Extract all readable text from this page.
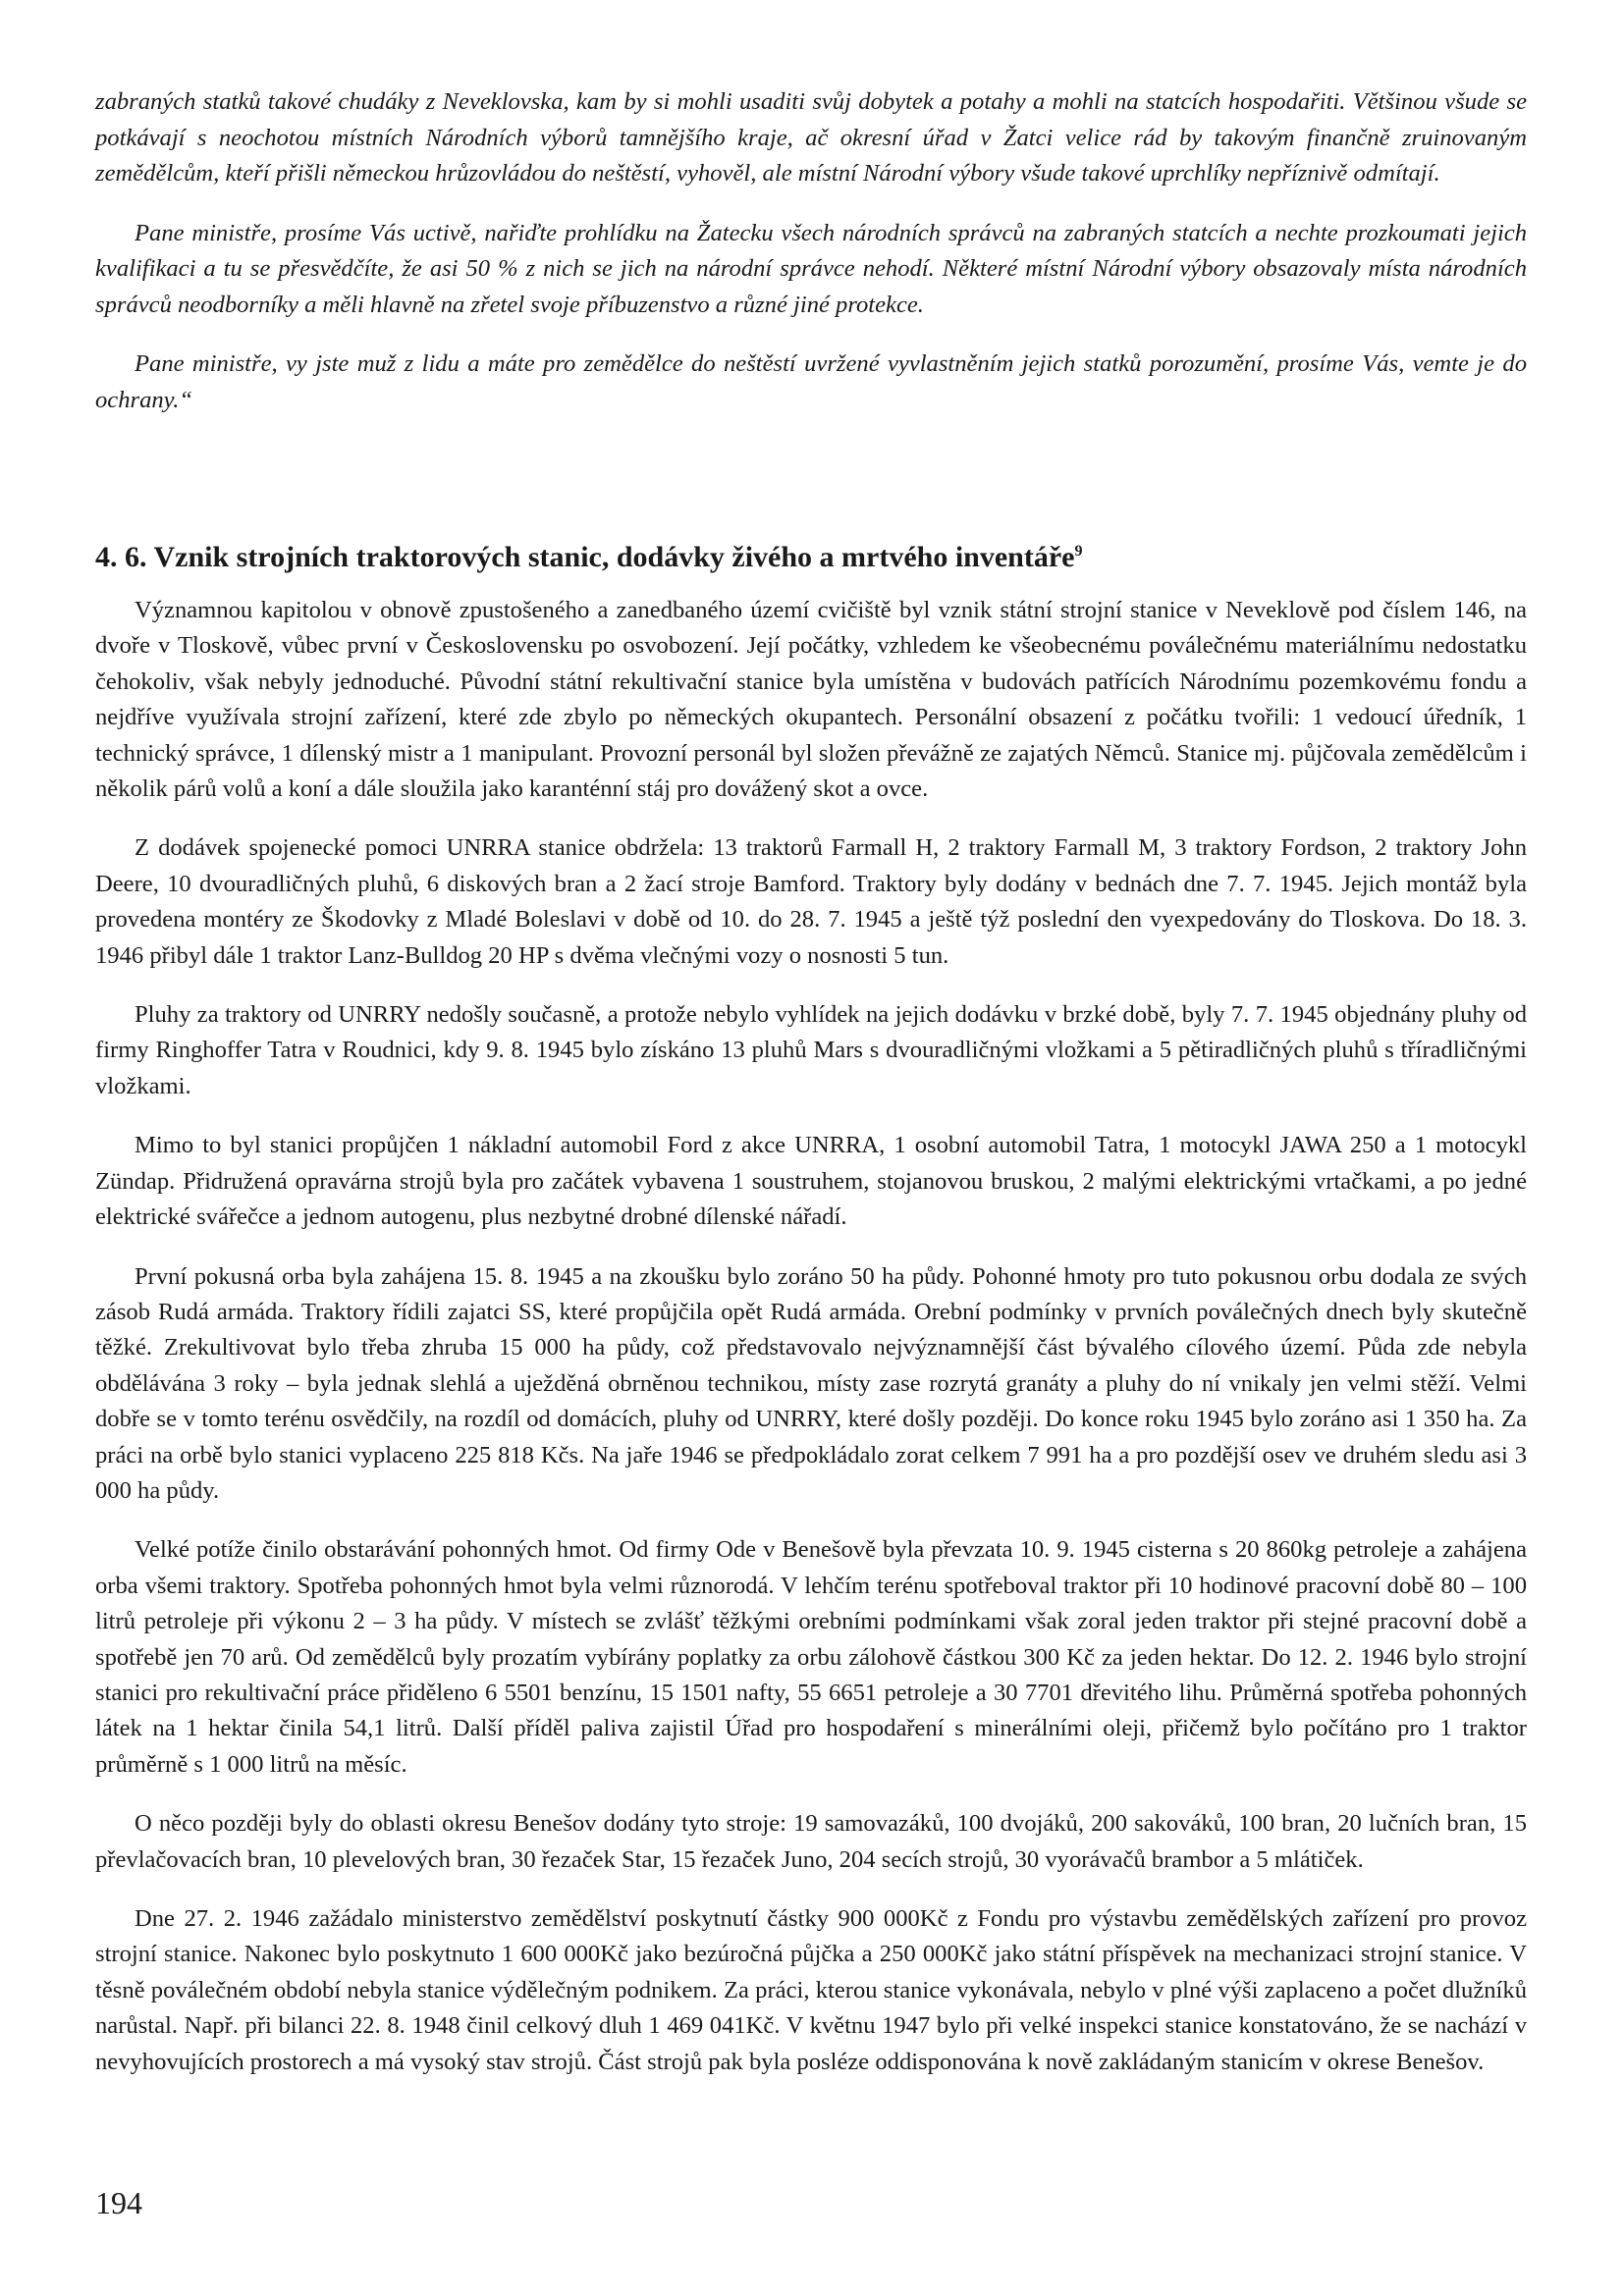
zabraných statků takové chudáky z Neveklovska, kam by si mohli usaditi svůj dobytek a potahy a mohli na statcích hospodařiti. Většinou všude se potkávají s neochotou místních Národních výborů tamnějšího kraje, ač okresní úřad v Žatci velice rád by takovým finančně zruinovaným zemědělcům, kteří přišli německou hrůzovládou do neštěstí, vyhověl, ale místní Národní výbory všude takové uprchlíky nepříznivě odmítají.

Pane ministře, prosíme Vás uctivě, nařiďte prohlídku na Žatecku všech národních správců na zabraných statcích a nechte prozkoumati jejich kvalifikaci a tu se přesvědčíte, že asi 50 % z nich se jich na národní správce nehodí. Některé místní Národní výbory obsazovaly místa národních správců neodborníky a měli hlavně na zřetel svoje příbuzenstvo a různé jiné protekce.

Pane ministře, vy jste muž z lidu a máte pro zemědělce do neštěstí uvržené vyvlastněním jejich statků porozumění, prosíme Vás, vemte je do ochrany.“

4. 6. Vznik strojních traktorových stanic, dodávky živého a mrtvého inventáře$^9$

Významnou kapitolou v obnově zpustošeného a zanedbaného území cvičiště byl vznik státní strojní stanice v Neveklově pod číslem 146, na dvoře v Tloskově, vůbec první v Československu po osvobození. Její počátky, vzhledem ke všeobecnému poválečnému materiálnímu nedostatku čehokoliv, však nebyly jednoduché. Původní státní rekultivační stanice byla umístěna v budovách patřících Národnímu pozemkovému fondu a nejdříve využívala strojní zařízení, které zde zbylo po německých okupantech. Personální obsazení z počátku tvořili: 1 vedoucí úředník, 1 technický správce, 1 dílenský mistr a 1 manipulant. Provozní personál byl složen převážně ze zajatých Němců. Stanice mj. půjčovala zemědělcům i několik párů volů a koní a dále sloužila jako karanténní stáj pro dovážený skot a ovce.

Z dodávek spojenecké pomoci UNRRA stanice obdržela: 13 traktorů Farmall H, 2 traktory Farmall M, 3 traktory Fordson, 2 traktory John Deere, 10 dvouradličných pluhů, 6 diskových bran a 2 žací stroje Bamford. Traktory byly dodány v bednách dne 7. 7. 1945. Jejich montáž byla provedena montéry ze Škodovky z Mladé Boleslavi v době od 10. do 28. 7. 1945 a ještě týž poslední den vyexpedovány do Tloskova. Do 18. 3. 1946 přibyl dále 1 traktor Lanz-Bulldog 20 HP s dvěma vlečnými vozy o nosnosti 5 tun.

Pluhy za traktory od UNRRY nedošly současně, a protože nebylo vyhlídek na jejich dodávku v brzké době, byly 7. 7. 1945 objednány pluhy od firmy Ringhoffer Tatra v Roudnici, kdy 9. 8. 1945 bylo získáno 13 pluhů Mars s dvouradličnými vložkami a 5 pětiradličných pluhů s tříradličnými vložkami.

Mimo to byl stanici propůjčen 1 nákladní automobil Ford z akce UNRRA, 1 osobní automobil Tatra, 1 motocykl JAWA 250 a 1 motocykl Zündap. Přidružená opravárna strojů byla pro začátek vybavena 1 soustruhem, stojanovou bruskou, 2 malými elektrickými vrtačkami, a po jedné elektrické svářečce a jednom autogenu, plus nezbytné drobné dílenské nářadí.

První pokusná orba byla zahájena 15. 8. 1945 a na zkoušku bylo zoráno 50 ha půdy. Pohonné hmoty pro tuto pokusnou orbu dodala ze svých zásob Rudá armáda. Traktory řídili zajatci SS, které propůjčila opět Rudá armáda. Orební podmínky v prvních poválečných dnech byly skutečně těžké. Zrekultivovat bylo třeba zhruba 15 000 ha půdy, což představovalo nejvýznamnější část bývalého cílového území. Půda zde nebyla obdělávána 3 roky – byla jednak slehlá a uježděná obrněnou technikou, místy zase rozrytá granáty a pluhy do ní vnikaly jen velmi stěží. Velmi dobře se v tomto terénu osvědčily, na rozdíl od domácích, pluhy od UNRRY, které došly později. Do konce roku 1945 bylo zoráno asi 1 350 ha. Za práci na orbě bylo stanici vyplaceno 225 818 Kčs. Na jaře 1946 se předpokládalo zorat celkem 7 991 ha a pro pozdější osev ve druhém sledu asi 3 000 ha půdy.

Velké potíže činilo obstarávání pohonných hmot. Od firmy Ode v Benešově byla převzata 10. 9. 1945 cisterna s 20 860kg petroleje a zahájena orba všemi traktory. Spotřeba pohonných hmot byla velmi různorodá. V lehčím terénu spotřeboval traktor při 10 hodinové pracovní době 80 – 100 litrů petroleje při výkonu 2 – 3 ha půdy. V místech se zvlášť těžkými orebními podmínkami však zoral jeden traktor při stejné pracovní době a spotřebě jen 70 arů. Od zemědělců byly prozatím vybírány poplatky za orbu zálohově částkou 300 Kč za jeden hektar. Do 12. 2. 1946 bylo strojní stanici pro rekultivační práce přiděleno 6 5501 benzínu, 15 1501 nafty, 55 6651 petroleje a 30 7701 dřevitého lihu. Průměrná spotřeba pohonných látek na 1 hektar činila 54,1 litrů. Další příděl paliva zajistil Úřad pro hospodaření s minerálními oleji, přičemž bylo počítáno pro 1 traktor průměrně s 1 000 litrů na měsíc.

O něco později byly do oblasti okresu Benešov dodány tyto stroje: 19 samovazáků, 100 dvojáků, 200 sakováků, 100 bran, 20 lučních bran, 15 převlačovacích bran, 10 plevelových bran, 30 řezaček Star, 15 řezaček Juno, 204 secích strojů, 30 vyorávačů brambor a 5 mlátiček.

Dne 27. 2. 1946 zažádalo ministerstvo zemědělství poskytnutí částky 900 000Kč z Fondu pro výstavbu zemědělských zařízení pro provoz strojní stanice. Nakonec bylo poskytnuto 1 600 000Kč jako bezúročná půjčka a 250 000Kč jako státní příspěvek na mechanizaci strojní stanice. V těsně poválečném období nebyla stanice výdělečným podnikem. Za práci, kterou stanice vykonávala, nebylo v plné výši zaplaceno a počet dlužníků narůstal. Např. při bilanci 22. 8. 1948 činil celkový dluh 1 469 041Kč. V květnu 1947 bylo při velké inspekci stanice konstatováno, že se nachází v nevyhovujících prostorech a má vysoký stav strojů. Část strojů pak byla posléze oddisponována k nově zakládaným stanicím v okrese Benešov.

194
